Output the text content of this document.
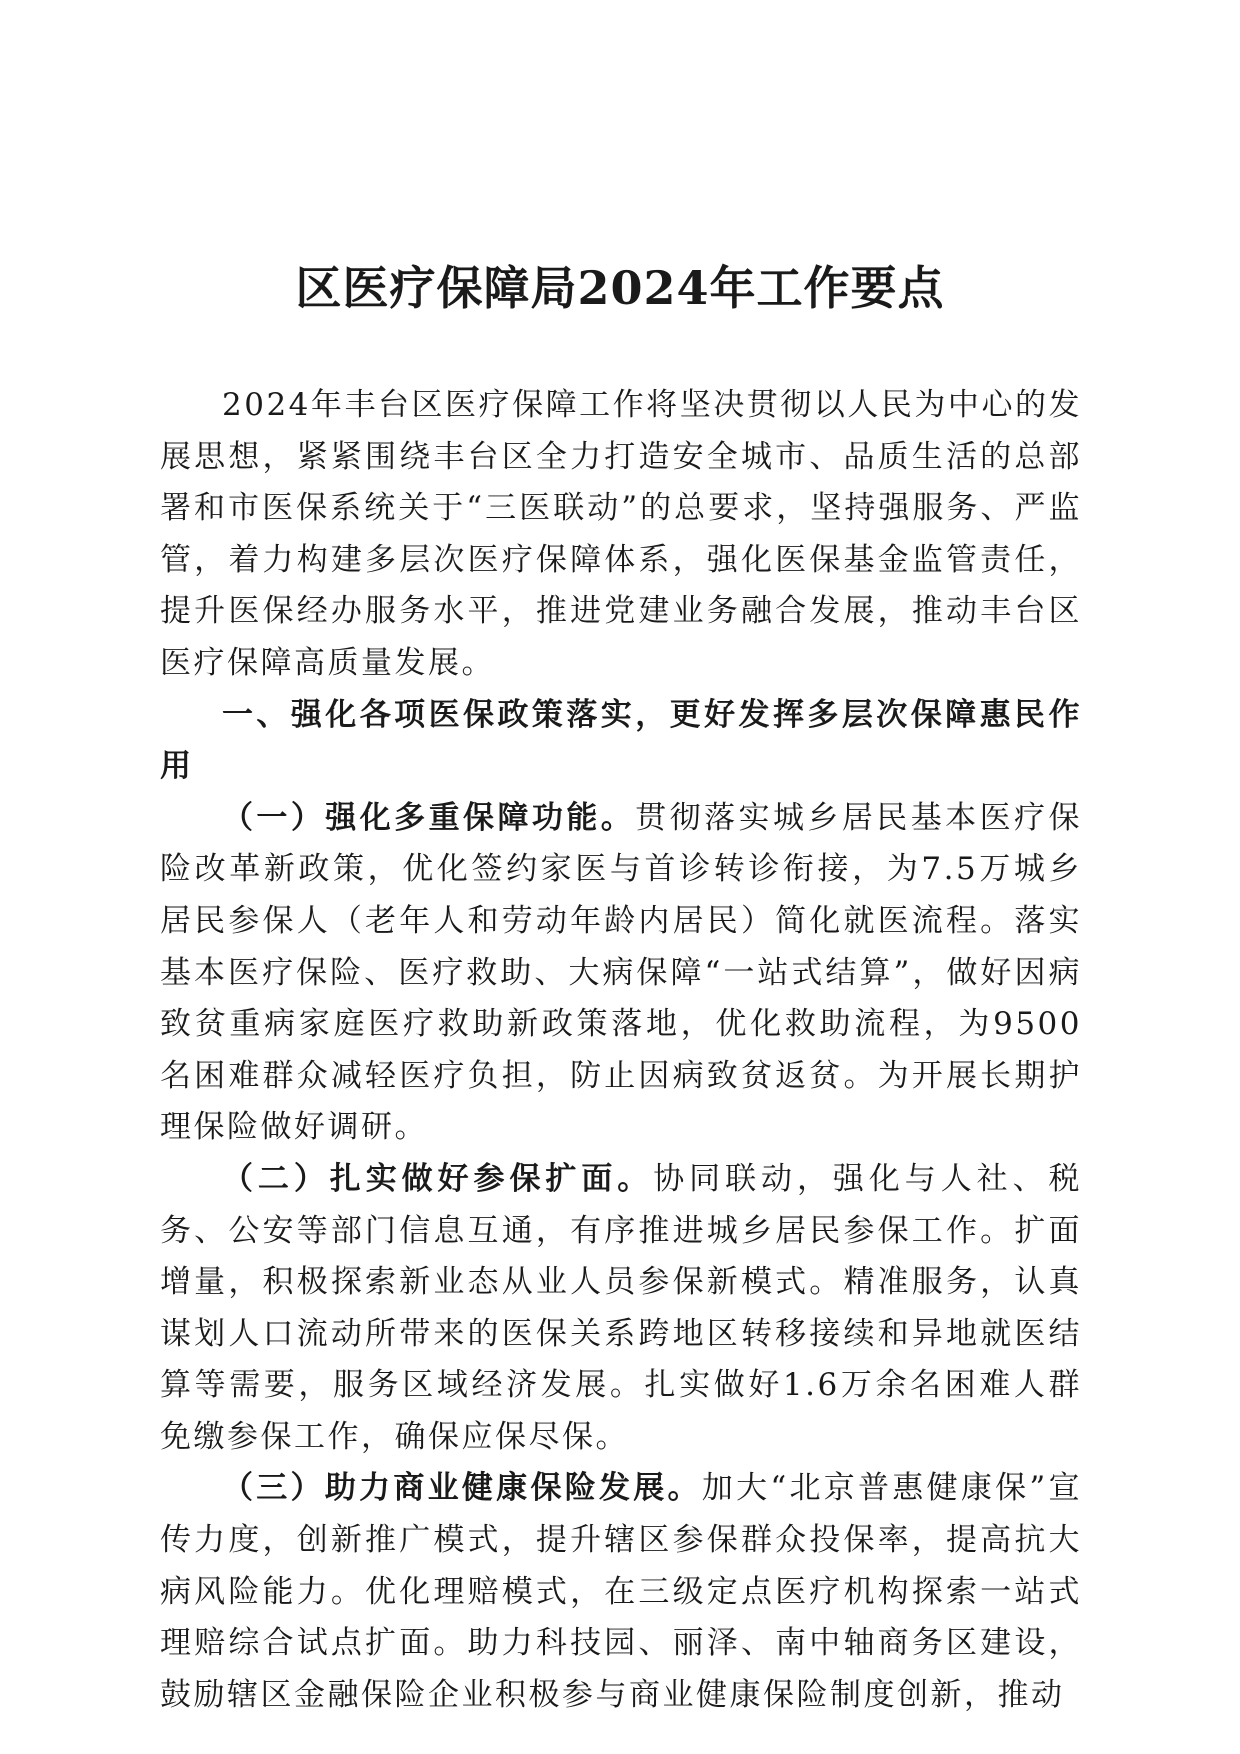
区医疗保障局2024年工作要点

2024年丰台区医疗保障工作将坚决贯彻以人民为中心的发展思想，紧紧围绕丰台区全力打造安全城市、品质生活的总部署和市医保系统关于“三医联动”的总要求，坚持强服务、严监管，着力构建多层次医疗保障体系，强化医保基金监管责任，提升医保经办服务水平，推进党建业务融合发展，推动丰台区医疗保障高质量发展。

一、强化各项医保政策落实，更好发挥多层次保障惠民作用

（一）强化多重保障功能。贯彻落实城乡居民基本医疗保险改革新政策，优化签约家医与首诊转诊衔接，为7.5万城乡居民参保人（老年人和劳动年龄内居民）简化就医流程。落实基本医疗保险、医疗救助、大病保障“一站式结算”，做好因病致贫重病家庭医疗救助新政策落地，优化救助流程，为9500名困难群众减轻医疗负担，防止因病致贫返贫。为开展长期护理保险做好调研。

（二）扎实做好参保扩面。协同联动，强化与人社、税务、公安等部门信息互通，有序推进城乡居民参保工作。扩面增量，积极探索新业态从业人员参保新模式。精准服务，认真谋划人口流动所带来的医保关系跨地区转移接续和异地就医结算等需要，服务区域经济发展。扎实做好1.6万余名困难人群免缴参保工作，确保应保尽保。

（三）助力商业健康保险发展。加大“北京普惠健康保”宣传力度，创新推广模式，提升辖区参保群众投保率，提高抗大病风险能力。优化理赔模式，在三级定点医疗机构探索一站式理赔综合试点扩面。助力科技园、丽泽、南中轴商务区建设，鼓励辖区金融保险企业积极参与商业健康保险制度创新，推动
